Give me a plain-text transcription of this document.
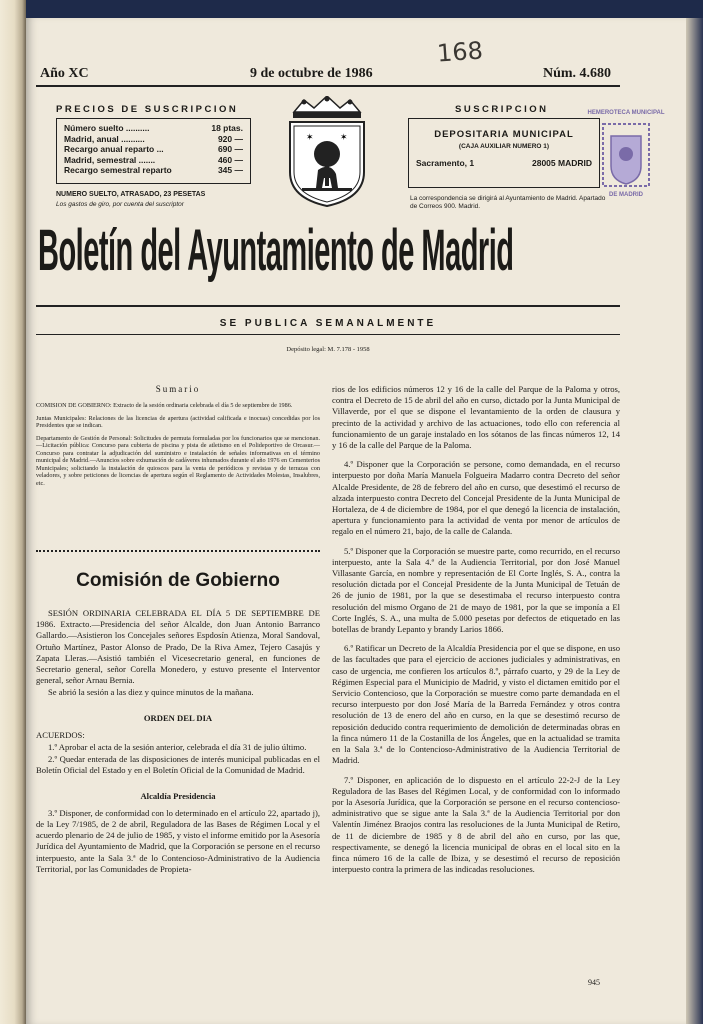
Año XC	9 de octubre de 1986	Núm. 4.680
168
PRECIOS DE SUSCRIPCION
Número suelto ..........	18 ptas.
Madrid, anual ..........	920 —
Recargo anual reparto ...	690 —
Madrid, semestral .......	460 —
Recargo semestral reparto	345 —
NUMERO SUELTO, ATRASADO, 23 PESETAS
Los gastos de giro, por cuenta del suscriptor
✶	✶
SUSCRIPCION
DEPOSITARIA MUNICIPAL
(CAJA AUXILIAR NUMERO 1)
Sacramento, 1	28005 MADRID
La correspondencia se dirigirá al Ayuntamiento de Madrid. Apartado de Correos 900. Madrid.
HEMEROTECA MUNICIPAL
DE MADRID
Boletín del Ayuntamiento de Madrid
SE PUBLICA SEMANALMENTE
Depósito legal: M. 7.178 - 1958
Sumario

COMISION DE GOBIERNO: Extracto de la sesión ordinaria celebrada el día 5 de septiembre de 1986.

Juntas Municipales: Relaciones de las licencias de apertura (actividad calificada e inocuas) concedidas por los Presidentes que se indican.

Departamento de Gestión de Personal: Solicitudes de permuta formuladas por los funcionarios que se mencionan.—Licitación pública: Concurso para cubierta de piscina y pista de atletismo en el Polideportivo de Orcasur.—Concurso para contratar la adjudicación del suministro e instalación de señales informativas en el término municipal de Madrid.—Anuncios sobre exhumación de cadáveres inhumados durante el año 1976 en Cementerios Municipales; solicitando la instalación de quioscos para la venta de periódicos y revistas y de terrazas con veladores, y sobre peticiones de licencias de apertura según el Reglamento de Actividades Molestas, Insalubres, etc.

Comisión de Gobierno

SESIÓN ORDINARIA CELEBRADA EL DÍA 5 DE SEPTIEMBRE DE 1986. Extracto.—Presidencia del señor Alcalde, don Juan Antonio Barranco Gallardo.—Asistieron los Concejales señores Espdosín Atienza, Moral Sandoval, Ortuño Martínez, Pastor Alonso de Prado, De la Riva Amez, Tejero Casajús y Zapata Lleras.—Asistió también el Vicesecretario general, en funciones de Secretario general, señor Corella Monedero, y estuvo presente el Interventor general, señor Arnau Bernia.

Se abrió la sesión a las diez y quince minutos de la mañana.

ORDEN DEL DIA

ACUERDOS:

1.º Aprobar el acta de la sesión anterior, celebrada el día 31 de julio último.

2.º Quedar enterada de las disposiciones de interés municipal publicadas en el Boletín Oficial del Estado y en el Boletín Oficial de la Comunidad de Madrid.

Alcaldía Presidencia

3.º Disponer, de conformidad con lo determinado en el artículo 22, apartado j), de la Ley 7/1985, de 2 de abril, Reguladora de las Bases de Régimen Local y el acuerdo plenario de 24 de julio de 1985, y visto el informe emitido por la Asesoría Jurídica del Ayuntamiento de Madrid, que la Corporación se persone en el recurso interpuesto, ante la Sala 3.ª de lo Contencioso-Administrativo de la Audiencia Territorial, por las Comunidades de Propieta-

rios de los edificios números 12 y 16 de la calle del Parque de la Paloma y otros, contra el Decreto de 15 de abril del año en curso, dictado por la Junta Municipal de Villaverde, por el que se dispone el levantamiento de la orden de clausura y precinto de la actividad y archivo de las actuaciones, todo ello con referencia al funcionamiento de un garaje instalado en los sótanos de las fincas números 12, 14 y 16 de la calle del Parque de la Paloma.

4.º Disponer que la Corporación se persone, como demandada, en el recurso interpuesto por doña María Manuela Folgueira Madarro contra Decreto del señor Alcalde Presidente, de 28 de febrero del año en curso, que desestimó el recurso de alzada interpuesto contra Decreto del Concejal Presidente de la Junta Municipal de Hortaleza, de 4 de diciembre de 1984, por el que denegó la licencia de instalación, apertura y funcionamiento para la actividad de venta por menor de artículos de regalo en el número 21, bajo, de la calle de Calanda.

5.º Disponer que la Corporación se muestre parte, como recurrido, en el recurso interpuesto, ante la Sala 4.ª de la Audiencia Territorial, por don José Manuel Villasante García, en nombre y representación de El Corte Inglés, S. A., contra la resolución dictada por el Concejal Presidente de la Junta Municipal de Tetuán de 26 de junio de 1981, por la que se desestimaba el recurso interpuesto contra resolución del mismo Organo de 21 de mayo de 1981, por la que se imponía a El Corte Inglés, S. A., una multa de 5.000 pesetas por defectos de etiquetado en las botellas de brandy Lepanto y brandy Larios 1866.

6.º Ratificar un Decreto de la Alcaldía Presidencia por el que se dispone, en uso de las facultades que para el ejercicio de acciones judiciales y administrativas, en caso de urgencia, me confieren los artículos 8.º, párrafo cuarto, y 29 de la Ley de Régimen Especial para el Municipio de Madrid, y visto el dictamen emitido por el Servicio Contencioso, que la Corporación se muestre como parte demandada en el recurso interpuesto por don José María de la Barreda Fernández y otros contra resolución de 13 de enero del año en curso, en la que se desestimó recurso de reposición deducido contra requerimiento de demolición de determinadas obras en la finca número 11 de la Costanilla de los Ángeles, que en la actualidad se tramita en la Sala 3.ª de lo Contencioso-Administrativo de la Audiencia Territorial de Madrid.

7.º Disponer, en aplicación de lo dispuesto en el artículo 22-2-J de la Ley Reguladora de las Bases del Régimen Local, y de conformidad con lo informado por la Asesoría Jurídica, que la Corporación se persone en el recurso contencioso-administrativo que se sigue ante la Sala 3.ª de la Audiencia Territorial por don Valentín Jiménez Braojos contra las resoluciones de la Junta Municipal de Retiro, de 11 de diciembre de 1985 y 8 de abril del año en curso, por las que, respectivamente, se denegó la licencia municipal de obras en el local sito en la finca número 16 de la calle de Ibiza, y se desestimó el recurso de reposición interpuesto contra la primera de las indicadas resoluciones.

945
